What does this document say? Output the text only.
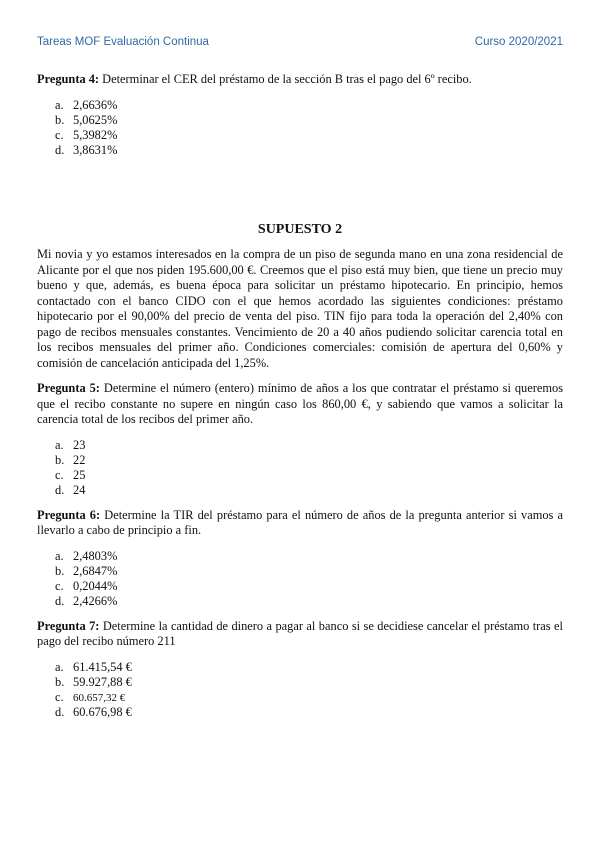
Tareas MOF Evaluación Continua	Curso 2020/2021

Pregunta 4: Determinar el CER del préstamo de la sección B tras el pago del 6º recibo.

a. 2,6636%
b. 5,0625%
c. 5,3982%
d. 3,8631%

SUPUESTO 2

Mi novia y yo estamos interesados en la compra de un piso de segunda mano en una zona residencial de Alicante por el que nos piden 195.600,00 €. Creemos que el piso está muy bien, que tiene un precio muy bueno y que, además, es buena época para solicitar un préstamo hipotecario. En principio, hemos contactado con el banco CIDO con el que hemos acordado las siguientes condiciones: préstamo hipotecario por el 90,00% del precio de venta del piso. TIN fijo para toda la operación del 2,40% con pago de recibos mensuales constantes. Vencimiento de 20 a 40 años pudiendo solicitar carencia total en los recibos mensuales del primer año. Condiciones comerciales: comisión de apertura del 0,60% y comisión de cancelación anticipada del 1,25%.

Pregunta 5: Determine el número (entero) mínimo de años a los que contratar el préstamo si queremos que el recibo constante no supere en ningún caso los 860,00 €, y sabiendo que vamos a solicitar la carencia total de los recibos del primer año.

a. 23
b. 22
c. 25
d. 24

Pregunta 6: Determine la TIR del préstamo para el número de años de la pregunta anterior si vamos a llevarlo a cabo de principio a fin.

a. 2,4803%
b. 2,6847%
c. 0,2044%
d. 2,4266%

Pregunta 7: Determine la cantidad de dinero a pagar al banco si se decidiese cancelar el préstamo tras el pago del recibo número 211

a. 61.415,54 €
b. 59.927,88 €
c. 60.657,32 €
d. 60.676,98 €
